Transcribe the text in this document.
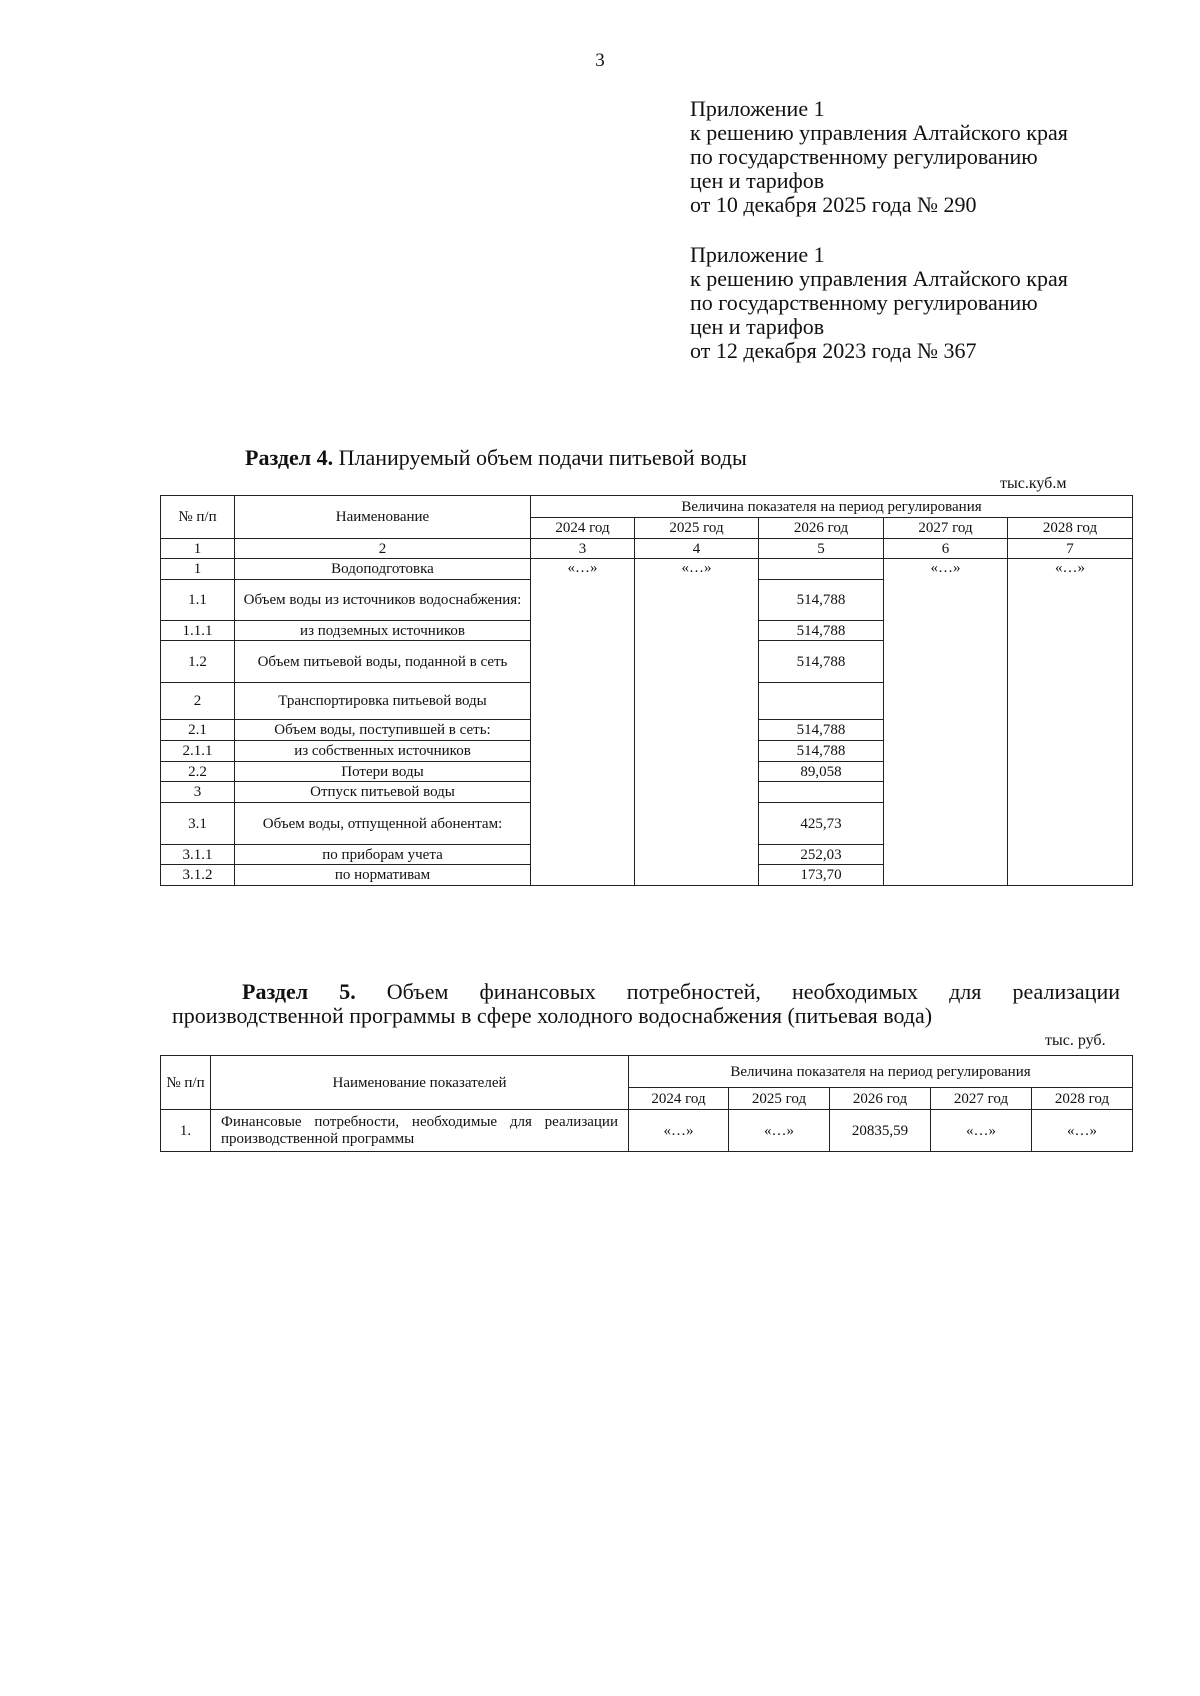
3
Приложение 1
к решению управления Алтайского края
по государственному регулированию
цен и тарифов
от 10 декабря 2025 года № 290
Приложение 1
к решению управления Алтайского края
по государственному регулированию
цен и тарифов
от 12 декабря 2023 года № 367
Раздел 4. Планируемый объем подачи питьевой воды
тыс.куб.м
№ п/п	Наименование	Величина показателя на период регулирования				
		2024 год	2025 год	2026 год	2027 год	2028 год
1	2	3	4	5	6	7
1	Водоподготовка	«…»	«…»		«…»	«…»
1.1	Объем воды из источников водоснабжения:			514,788		
1.1.1	из подземных источников			514,788		
1.2	Объем питьевой воды, поданной в сеть			514,788		
2	Транспортировка питьевой воды					
2.1	Объем воды, поступившей в сеть:			514,788		
2.1.1	из собственных источников			514,788		
2.2	Потери воды			89,058		
3	Отпуск питьевой воды					
3.1	Объем воды, отпущенной абонентам:			425,73		
3.1.1	по приборам учета			252,03		
3.1.2	по нормативам			173,70		
Раздел 5. Объем финансовых потребностей, необходимых для реализации
производственной программы в сфере холодного водоснабжения (питьевая вода)
тыс. руб.
№ п/п	Наименование показателей	Величина показателя на период регулирования				
		2024 год	2025 год	2026 год	2027 год	2028 год
1.	Финансовые потребности, необходимые для реализации производственной программы	«…»	«…»	20835,59	«…»	«…»
